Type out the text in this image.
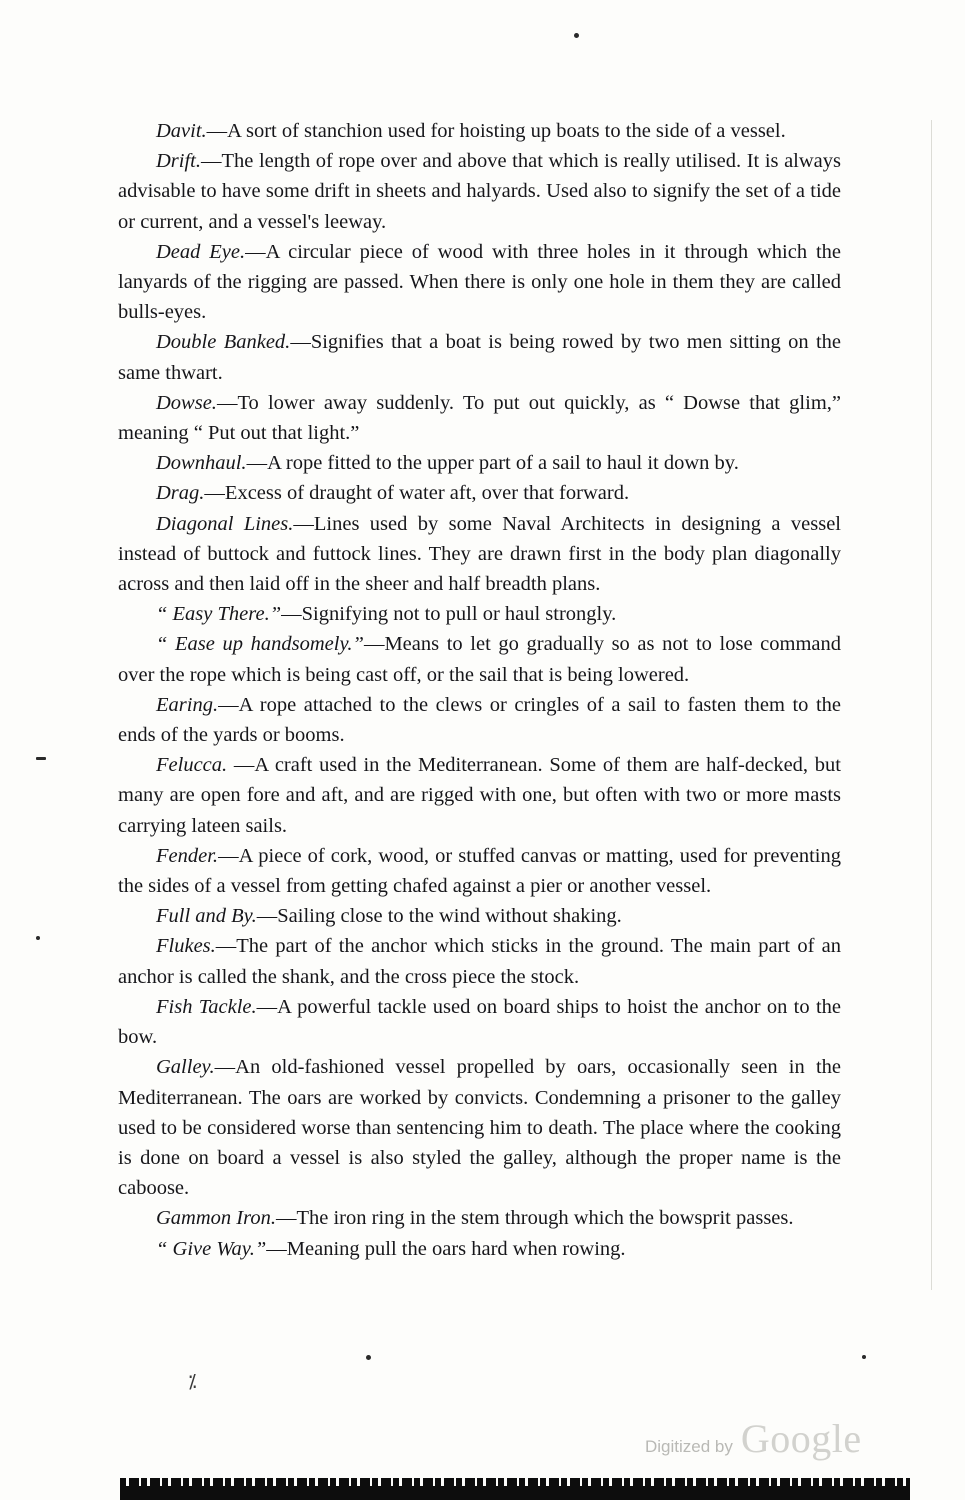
Davit.—A sort of stanchion used for hoisting up boats to the side of a vessel.

Drift.—The length of rope over and above that which is really utilised. It is always advisable to have some drift in sheets and halyards. Used also to signify the set of a tide or current, and a vessel's leeway.

Dead Eye.—A circular piece of wood with three holes in it through which the lanyards of the rigging are passed. When there is only one hole in them they are called bulls-eyes.

Double Banked.—Signifies that a boat is being rowed by two men sitting on the same thwart.

Dowse.—To lower away suddenly. To put out quickly, as “ Dowse that glim,” meaning “ Put out that light.”

Downhaul.—A rope fitted to the upper part of a sail to haul it down by.

Drag.—Excess of draught of water aft, over that forward.

Diagonal Lines.—Lines used by some Naval Architects in designing a vessel instead of buttock and futtock lines. They are drawn first in the body plan diagonally across and then laid off in the sheer and half breadth plans.

“ Easy There.”—Signifying not to pull or haul strongly.

“ Ease up handsomely.”—Means to let go gradually so as not to lose command over the rope which is being cast off, or the sail that is being lowered.

Earing.—A rope attached to the clews or cringles of a sail to fasten them to the ends of the yards or booms.

Felucca. —A craft used in the Mediterranean. Some of them are half-decked, but many are open fore and aft, and are rigged with one, but often with two or more masts carrying lateen sails.

Fender.—A piece of cork, wood, or stuffed canvas or matting, used for preventing the sides of a vessel from getting chafed against a pier or another vessel.

Full and By.—Sailing close to the wind without shaking.

Flukes.—The part of the anchor which sticks in the ground. The main part of an anchor is called the shank, and the cross piece the stock.

Fish Tackle.—A powerful tackle used on board ships to hoist the anchor on to the bow.

Galley.—An old-fashioned vessel propelled by oars, occasionally seen in the Mediterranean. The oars are worked by convicts. Condemning a prisoner to the galley used to be considered worse than sentencing him to death. The place where the cooking is done on board a vessel is also styled the galley, although the proper name is the caboose.

Gammon Iron.—The iron ring in the stem through which the bowsprit passes.

“ Give Way.”—Meaning pull the oars hard when rowing.

⁒
Digitized by Google
